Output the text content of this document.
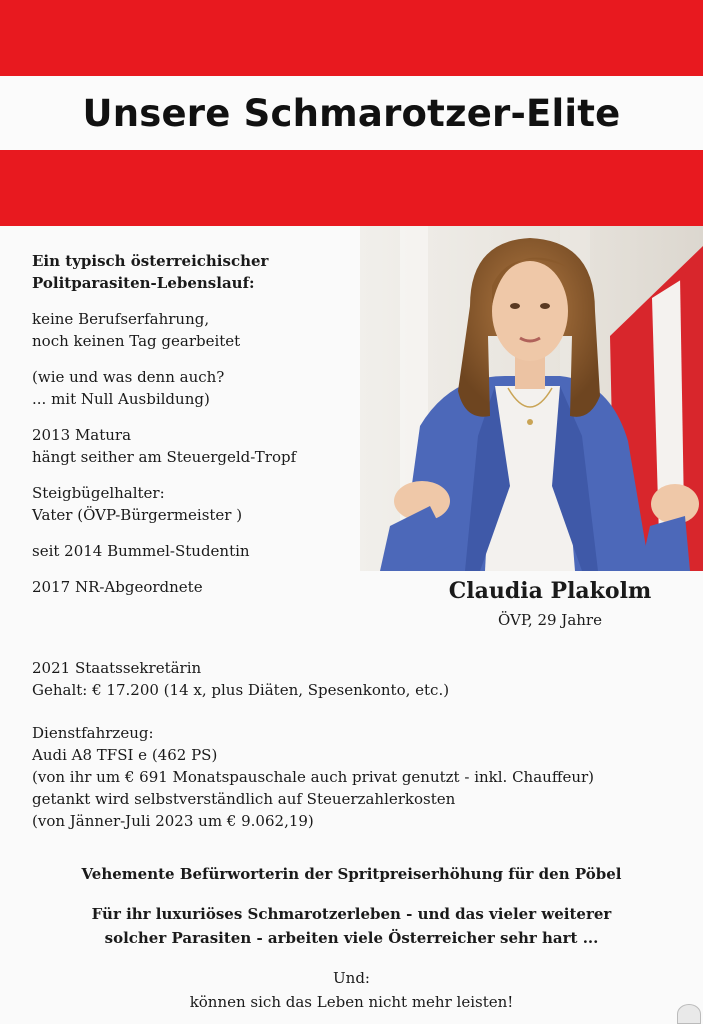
Unsere Schmarotzer-Elite

Ein typisch österreichischer
Politparasiten-Lebenslauf:

keine Berufserfahrung,
noch keinen Tag gearbeitet

(wie und was denn auch?
... mit Null Ausbildung)

2013 Matura
hängt seither am Steuergeld-Tropf

Steigbügelhalter:
Vater (ÖVP-Bürgermeister )

seit 2014 Bummel-Studentin

2017 NR-Abgeordnete	Claudia Plakolm
ÖVP, 29 Jahre

2021 Staatssekretärin
Gehalt: € 17.200 (14 x, plus Diäten, Spesenkonto, etc.)

Dienstfahrzeug:
Audi A8 TFSI e (462 PS)
(von ihr um € 691 Monatspauschale auch privat genutzt - inkl. Chauffeur)
getankt wird selbstverständlich auf Steuerzahlerkosten
(von Jänner-Juli 2023 um € 9.062,19)

Vehemente Befürworterin der Spritpreiserhöhung für den Pöbel
Für ihr luxuriöses Schmarotzerleben - und das vieler weiterer
solcher Parasiten - arbeiten viele Österreicher sehr hart ...
Und:
können sich das Leben nicht mehr leisten!
